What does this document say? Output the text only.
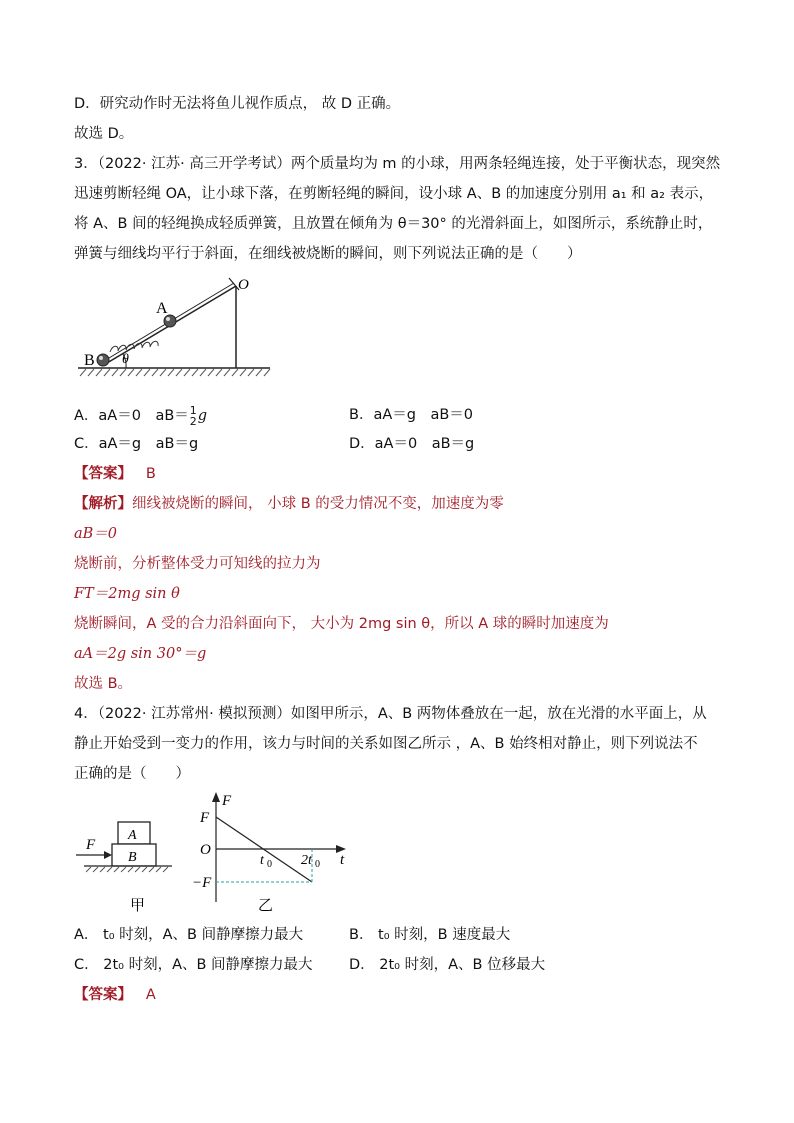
D．研究动作时无法将鱼儿视作质点， 故 D 正确。
故选 D。
3．（2022· 江苏· 高三开学考试）两个质量均为 m 的小球，用两条轻绳连接，处于平衡状态，现突然
迅速剪断轻绳 OA，让小球下落，在剪断轻绳的瞬间，设小球 A、B 的加速度分别用 a₁ 和 a₂ 表示，
将 A、B 间的轻绳换成轻质弹簧，且放置在倾角为 θ＝30° 的光滑斜面上，如图所示，系统静止时，
弹簧与细线均平行于斜面，在细线被烧断的瞬间，则下列说法正确的是（　　）
B
A
O
θ
A．aA＝0　aB＝ 1
2 g	B．aA＝g　aB＝0
C．aA＝g　aB＝g	D．aA＝0　aB＝g
【答案】 B
【解析】细线被烧断的瞬间， 小球 B 的受力情况不变，加速度为零
aB＝0
烧断前，分析整体受力可知线的拉力为
FT＝2mg sin θ
烧断瞬间，A 受的合力沿斜面向下， 大小为 2mg sin θ，所以 A 球的瞬时加速度为
aA＝2g sin 30°＝g
故选 B。
4．（2022· 江苏常州· 模拟预测）如图甲所示，A、B 两物体叠放在一起，放在光滑的水平面上，从
静止开始受到一变力的作用，该力与时间的关系如图乙所示 ，A、B 始终相对静止，则下列说法不
正确的是（　　）
F
A
B
甲
F
F
O
−F
t
t 0 2t 0
乙
A． t₀ 时刻，A、B 间静摩擦力最大	B． t₀ 时刻，B 速度最大
C． 2t₀ 时刻，A、B 间静摩擦力最大	D． 2t₀ 时刻，A、B 位移最大
【答案】 A
